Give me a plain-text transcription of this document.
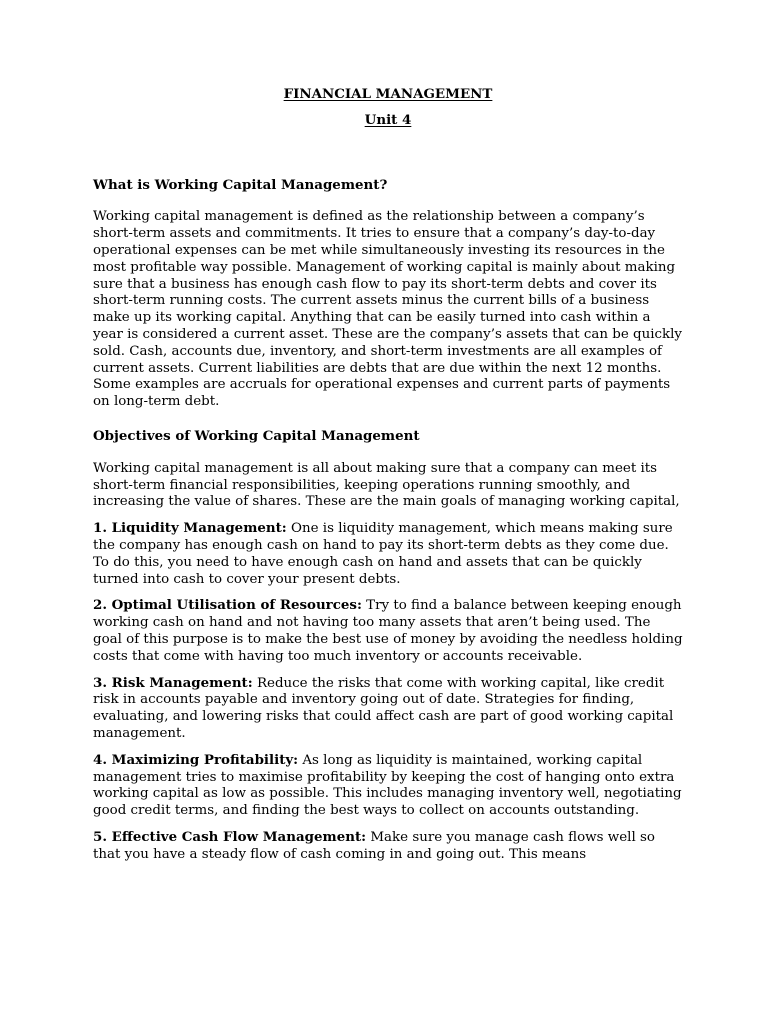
FINANCIAL MANAGEMENT

Unit 4

What is Working Capital Management?

Working capital management is defined as the relationship between a company’s short-term assets and commitments. It tries to ensure that a company’s day-to-day operational expenses can be met while simultaneously investing its resources in the most profitable way possible. Management of working capital is mainly about making sure that a business has enough cash flow to pay its short-term debts and cover its short-term running costs. The current assets minus the current bills of a business make up its working capital. Anything that can be easily turned into cash within a year is considered a current asset. These are the company’s assets that can be quickly sold. Cash, accounts due, inventory, and short-term investments are all examples of current assets. Current liabilities are debts that are due within the next 12 months. Some examples are accruals for operational expenses and current parts of payments on long-term debt.

Objectives of Working Capital Management

Working capital management is all about making sure that a company can meet its short-term financial responsibilities, keeping operations running smoothly, and increasing the value of shares. These are the main goals of managing working capital,

1. Liquidity Management: One is liquidity management, which means making sure the company has enough cash on hand to pay its short-term debts as they come due. To do this, you need to have enough cash on hand and assets that can be quickly turned into cash to cover your present debts.

2. Optimal Utilisation of Resources: Try to find a balance between keeping enough working cash on hand and not having too many assets that aren’t being used. The goal of this purpose is to make the best use of money by avoiding the needless holding costs that come with having too much inventory or accounts receivable.

3. Risk Management: Reduce the risks that come with working capital, like credit risk in accounts payable and inventory going out of date. Strategies for finding, evaluating, and lowering risks that could affect cash are part of good working capital management.

4. Maximizing Profitability: As long as liquidity is maintained, working capital management tries to maximise profitability by keeping the cost of hanging onto extra working capital as low as possible. This includes managing inventory well, negotiating good credit terms, and finding the best ways to collect on accounts outstanding.

5. Effective Cash Flow Management: Make sure you manage cash flows well so that you have a steady flow of cash coming in and going out. This means
